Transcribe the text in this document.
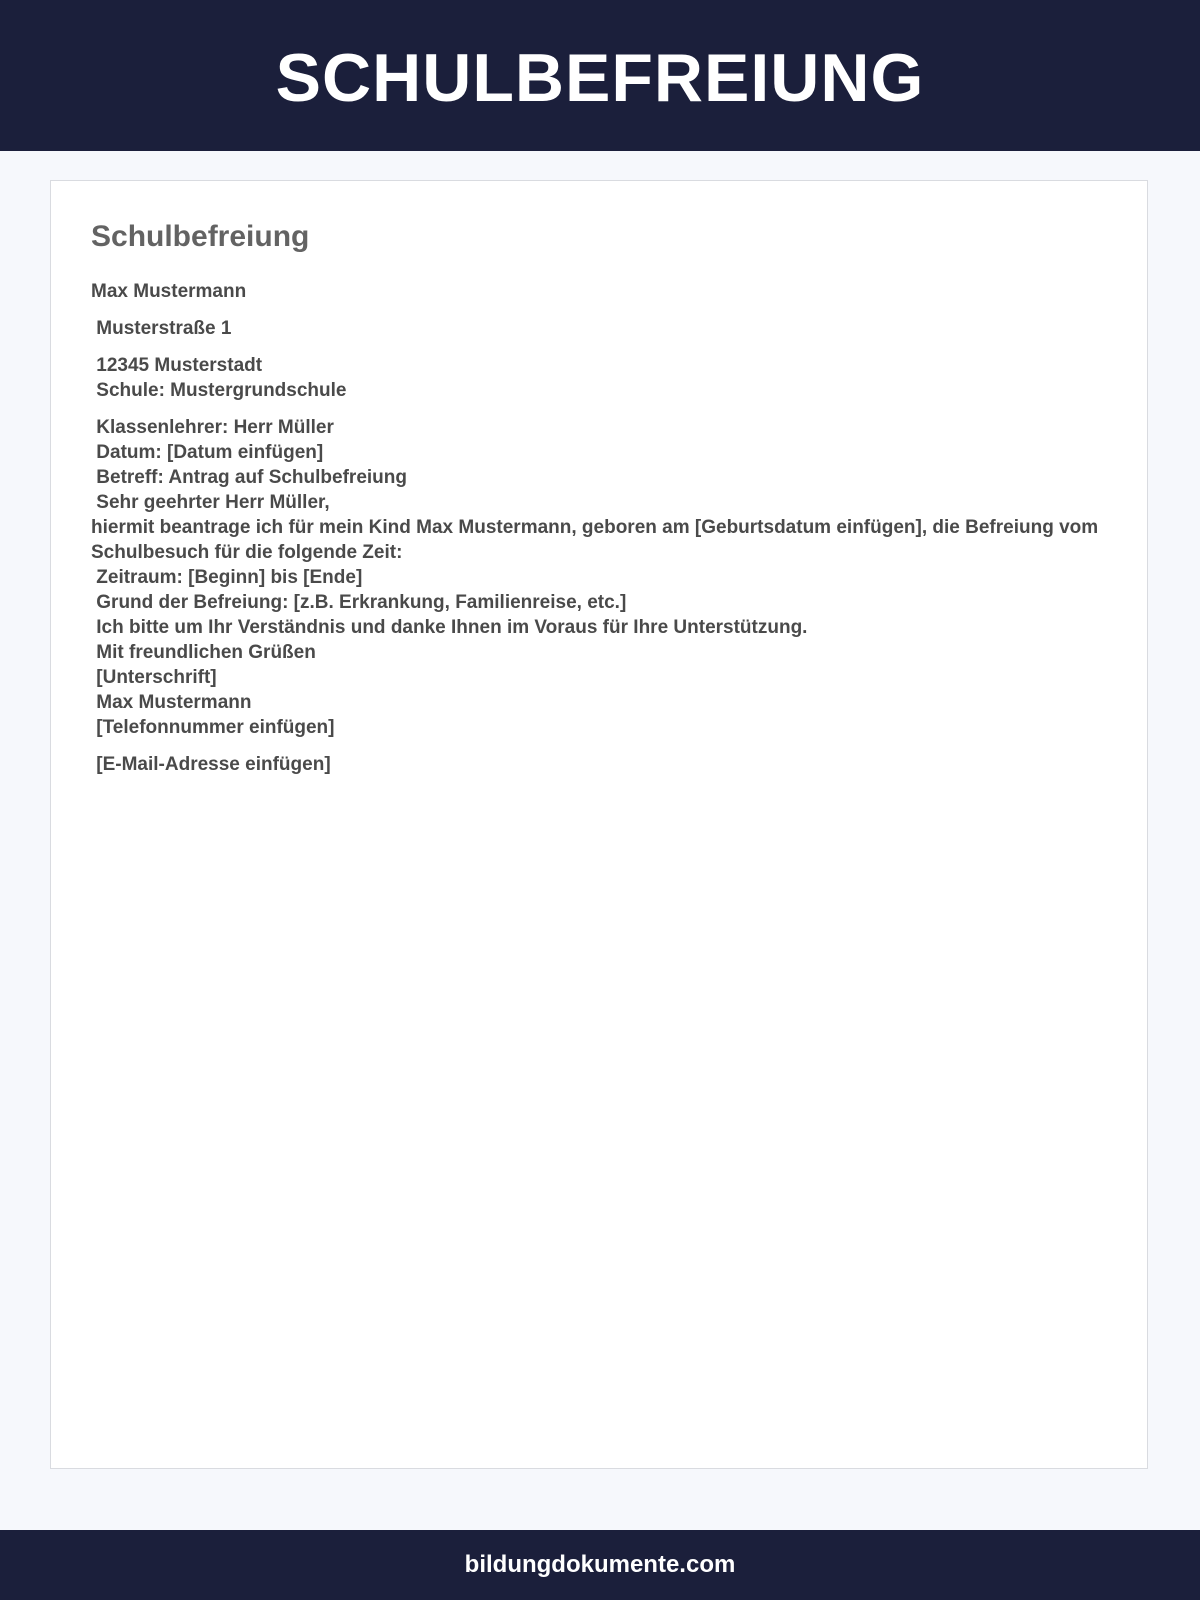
SCHULBEFREIUNG
Schulbefreiung
Max Mustermann
Musterstraße 1
12345 Musterstadt
Schule: Mustergrundschule
Klassenlehrer: Herr Müller
Datum: [Datum einfügen]
Betreff: Antrag auf Schulbefreiung
Sehr geehrter Herr Müller,
hiermit beantrage ich für mein Kind Max Mustermann, geboren am [Geburtsdatum einfügen], die Befreiung vom Schulbesuch für die folgende Zeit:
Zeitraum: [Beginn] bis [Ende]
Grund der Befreiung: [z.B. Erkrankung, Familienreise, etc.]
Ich bitte um Ihr Verständnis und danke Ihnen im Voraus für Ihre Unterstützung.
Mit freundlichen Grüßen
[Unterschrift]
Max Mustermann
[Telefonnummer einfügen]
[E-Mail-Adresse einfügen]
bildungdokumente.com
